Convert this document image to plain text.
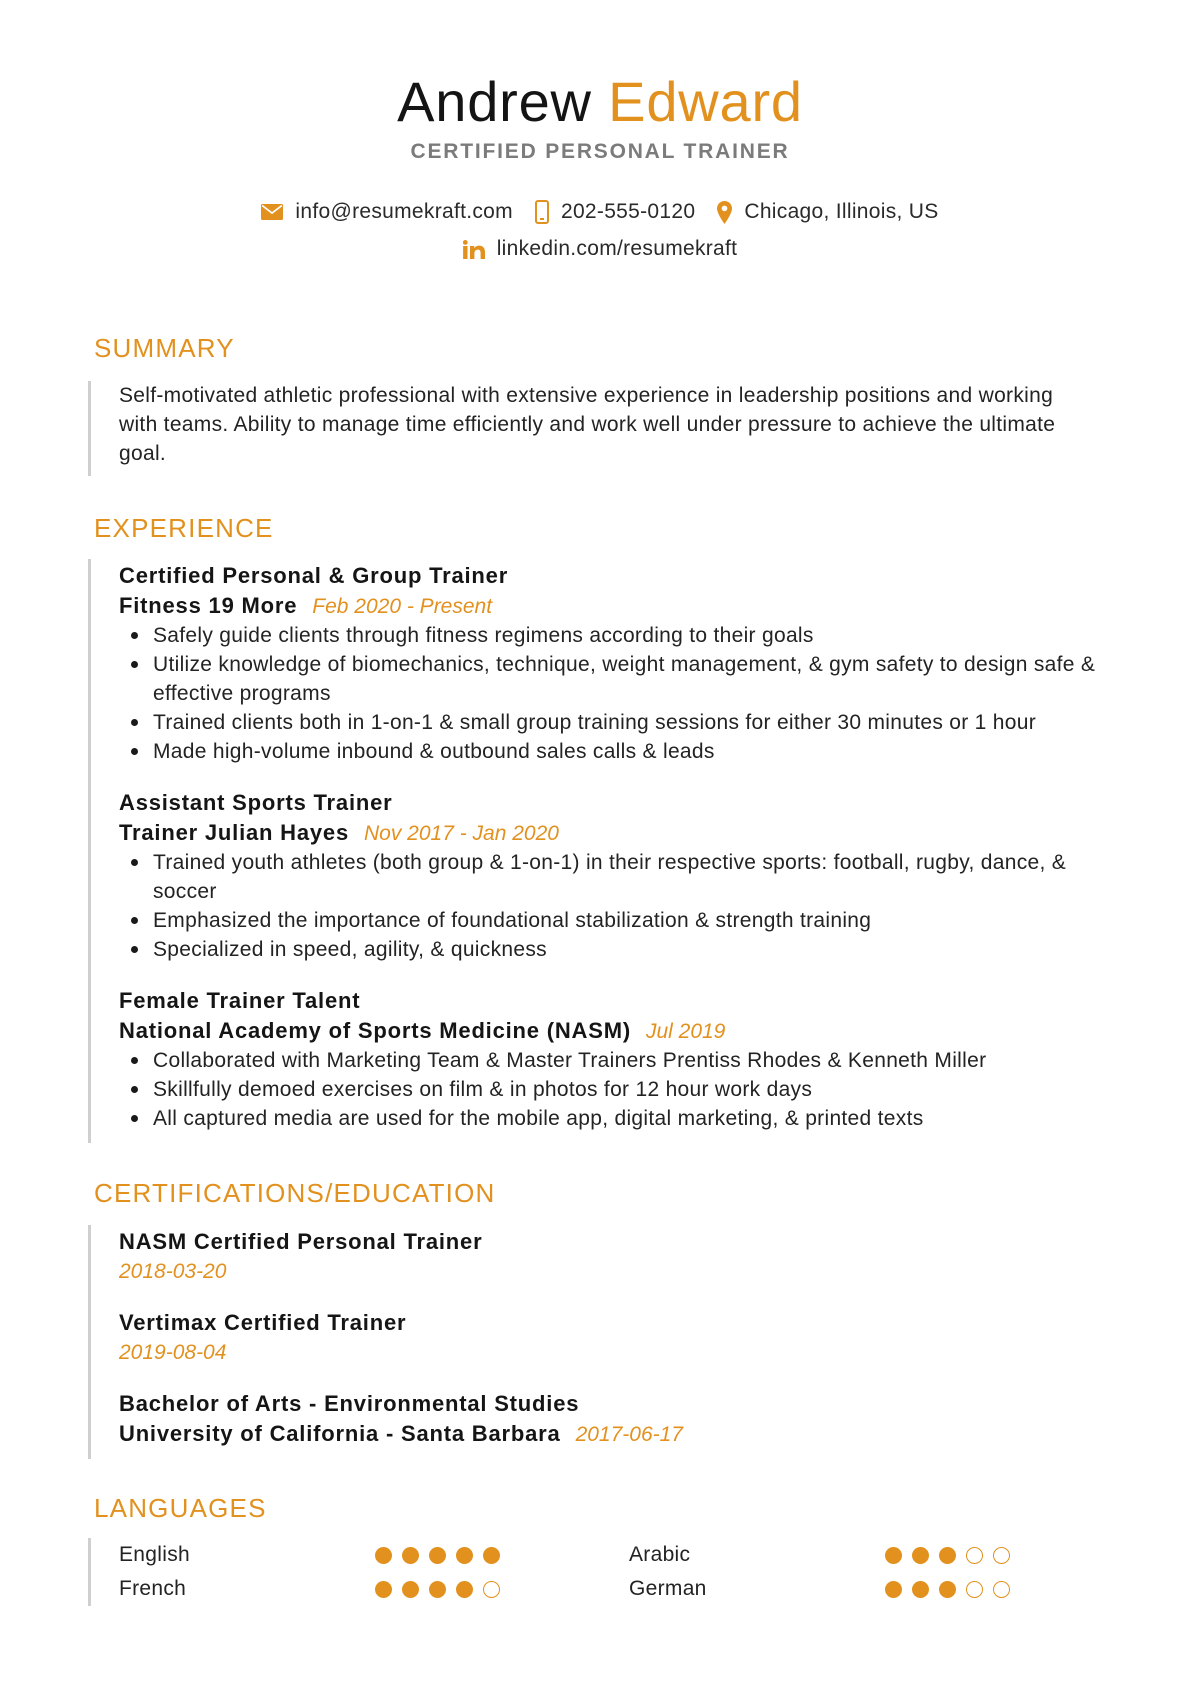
Andrew Edward
CERTIFIED PERSONAL TRAINER
info@resumekraft.com 202-555-0120 Chicago, Illinois, US
linkedin.com/resumekraft
SUMMARY

Self-motivated athletic professional with extensive experience in leadership positions and working with teams. Ability to manage time efficiently and work well under pressure to achieve the ultimate goal.

EXPERIENCE
Certified Personal & Group Trainer
Fitness 19 More Feb 2020 - Present
Safely guide clients through fitness regimens according to their goals
Utilize knowledge of biomechanics, technique, weight management, & gym safety to design safe & effective programs
Trained clients both in 1-on-1 & small group training sessions for either 30 minutes or 1 hour
Made high-volume inbound & outbound sales calls & leads
Assistant Sports Trainer
Trainer Julian Hayes Nov 2017 - Jan 2020
Trained youth athletes (both group & 1-on-1) in their respective sports: football, rugby, dance, & soccer
Emphasized the importance of foundational stabilization & strength training
Specialized in speed, agility, & quickness
Female Trainer Talent
National Academy of Sports Medicine (NASM) Jul 2019
Collaborated with Marketing Team & Master Trainers Prentiss Rhodes & Kenneth Miller
Skillfully demoed exercises on film & in photos for 12 hour work days
All captured media are used for the mobile app, digital marketing, & printed texts
CERTIFICATIONS/EDUCATION
NASM Certified Personal Trainer
2018-03-20
Vertimax Certified Trainer
2019-08-04
Bachelor of Arts - Environmental Studies
University of California - Santa Barbara 2017-06-17
LANGUAGES
English	Arabic
French	German
